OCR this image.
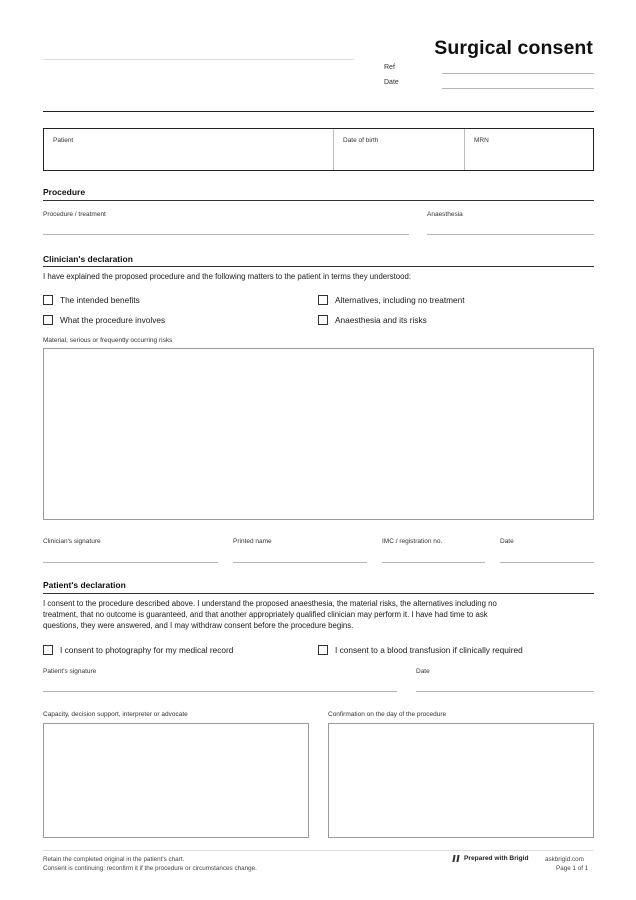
Surgical consent
Ref
Date
Patient	Date of birth	MRN
Procedure
Procedure / treatment	Anaesthesia
Clinician's declaration
I have explained the proposed procedure and the following matters to the patient in terms they understood:
The intended benefits	Alternatives, including no treatment
What the procedure involves	Anaesthesia and its risks
Material, serious or frequently occurring risks
Clinician's signature	Printed name	IMC / registration no.	Date
Patient's declaration
I consent to the procedure described above. I understand the proposed anaesthesia, the material risks, the alternatives including no
treatment, that no outcome is guaranteed, and that another appropriately qualified clinician may perform it. I have had time to ask
questions, they were answered, and I may withdraw consent before the procedure begins.
I consent to photography for my medical record	I consent to a blood transfusion if clinically required
Patient's signature	Date
Capacity, decision support, interpreter or advocate	Confirmation on the day of the procedure
Retain the completed original in the patient's chart.
Consent is continuing: reconfirm it if the procedure or circumstances change.
Prepared with Brigid	askbrigid.com
Page 1 of 1
